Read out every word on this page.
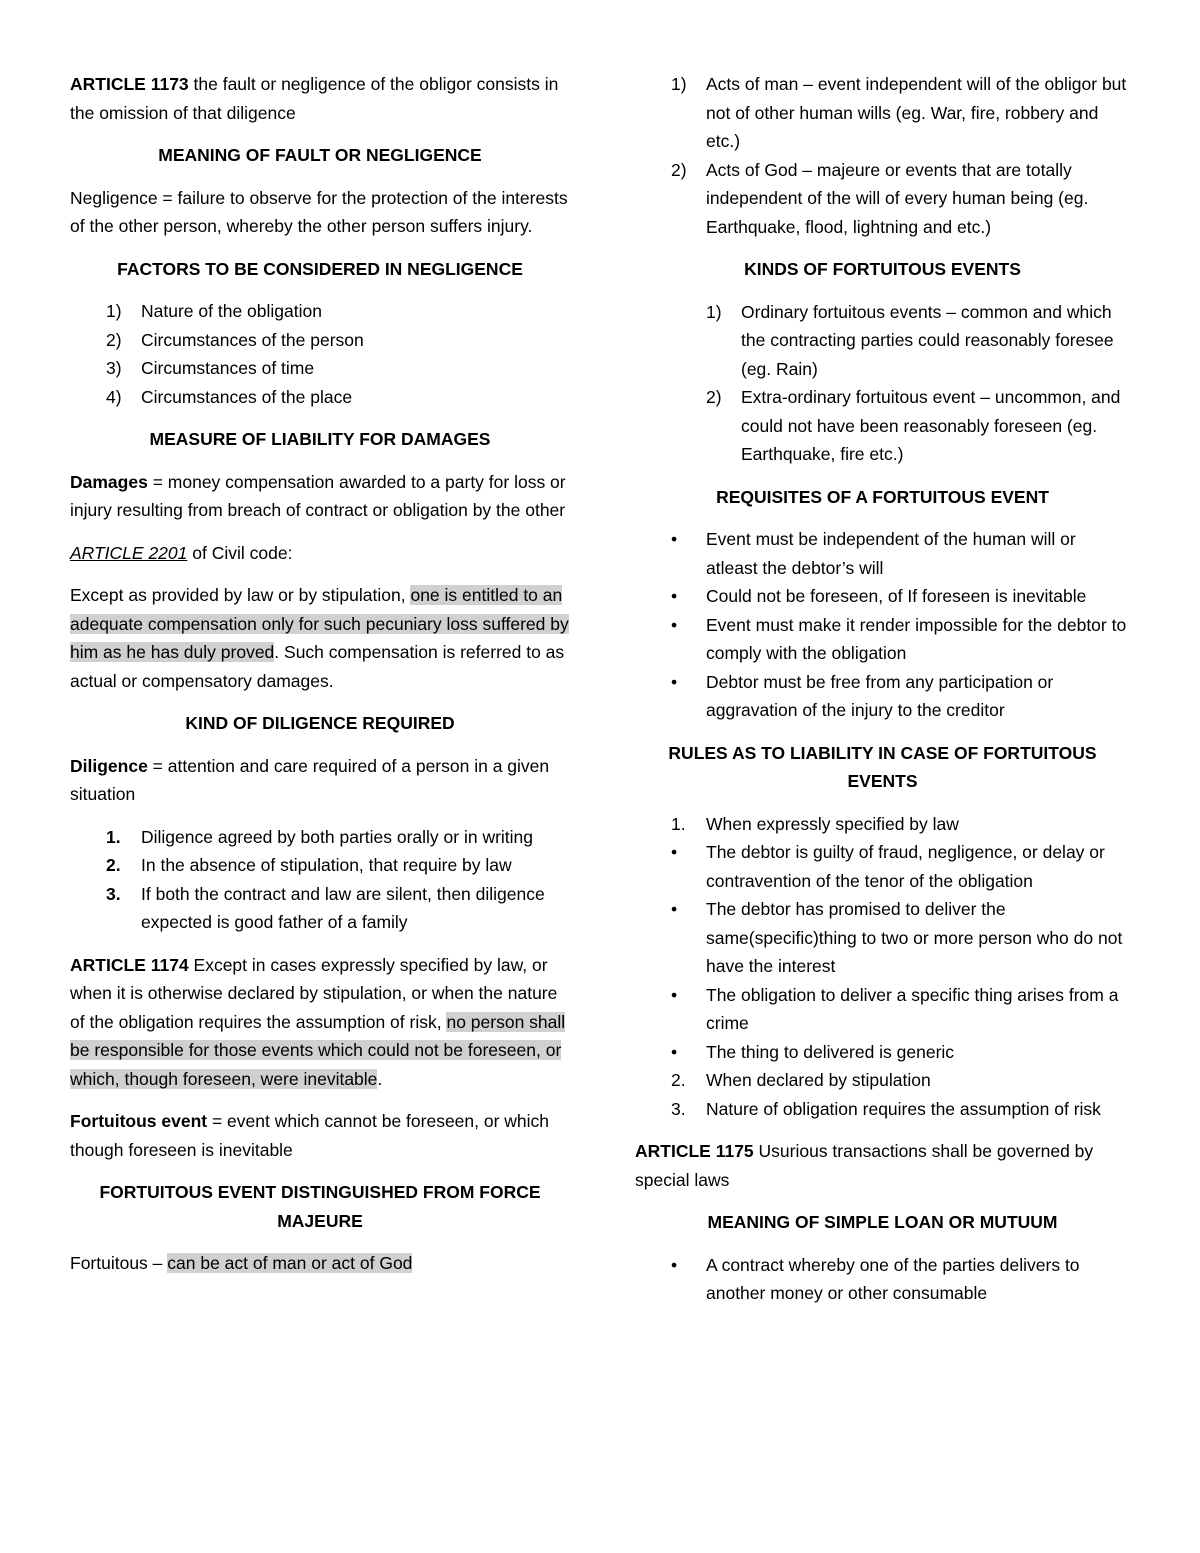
ARTICLE 1173 the fault or negligence of the obligor consists in the omission of that diligence

MEANING OF FAULT OR NEGLIGENCE

Negligence = failure to observe for the protection of the interests of the other person, whereby the other person suffers injury.

FACTORS TO BE CONSIDERED IN NEGLIGENCE
1)	Nature of the obligation
2)	Circumstances of the person
3)	Circumstances of time
4)	Circumstances of the place
MEASURE OF LIABILITY FOR DAMAGES

Damages = money compensation awarded to a party for loss or injury resulting from breach of contract or obligation by the other

ARTICLE 2201 of Civil code:

Except as provided by law or by stipulation, one is entitled to an adequate compensation only for such pecuniary loss suffered by him as he has duly proved. Such compensation is referred to as actual or compensatory damages.

KIND OF DILIGENCE REQUIRED

Diligence = attention and care required of a person in a given situation

1.	Diligence agreed by both parties orally or in writing
2.	In the absence of stipulation, that require by law
3.	If both the contract and law are silent, then diligence expected is good father of a family

ARTICLE 1174 Except in cases expressly specified by law, or when it is otherwise declared by stipulation, or when the nature of the obligation requires the assumption of risk, no person shall be responsible for those events which could not be foreseen, or which, though foreseen, were inevitable.

Fortuitous event = event which cannot be foreseen, or which though foreseen is inevitable

FORTUITOUS EVENT DISTINGUISHED FROM FORCE MAJEURE

Fortuitous – can be act of man or act of God

1)	Acts of man – event independent will of the obligor but not of other human wills (eg. War, fire, robbery and etc.)
2)	Acts of God – majeure or events that are totally independent of the will of every human being (eg. Earthquake, flood, lightning and etc.)
KINDS OF FORTUITOUS EVENTS
1)	Ordinary fortuitous events – common and which the contracting parties could reasonably foresee (eg. Rain)
2)	Extra-ordinary fortuitous event – uncommon, and could not have been reasonably foreseen (eg. Earthquake, fire etc.)
REQUISITES OF A FORTUITOUS EVENT
•	Event must be independent of the human will or atleast the debtor’s will
•	Could not be foreseen, of If foreseen is inevitable
•	Event must make it render impossible for the debtor to comply with the obligation
•	Debtor must be free from any participation or aggravation of the injury to the creditor
RULES AS TO LIABILITY IN CASE OF FORTUITOUS EVENTS
1.	When expressly specified by law
•	The debtor is guilty of fraud, negligence, or delay or contravention of the tenor of the obligation
•	The debtor has promised to deliver the same(specific)thing to two or more person who do not have the interest
•	The obligation to deliver a specific thing arises from a crime
•	The thing to delivered is generic
2.	When declared by stipulation
3.	Nature of obligation requires the assumption of risk

ARTICLE 1175 Usurious transactions shall be governed by special laws

MEANING OF SIMPLE LOAN OR MUTUUM
•	A contract whereby one of the parties delivers to another money or other consumable
